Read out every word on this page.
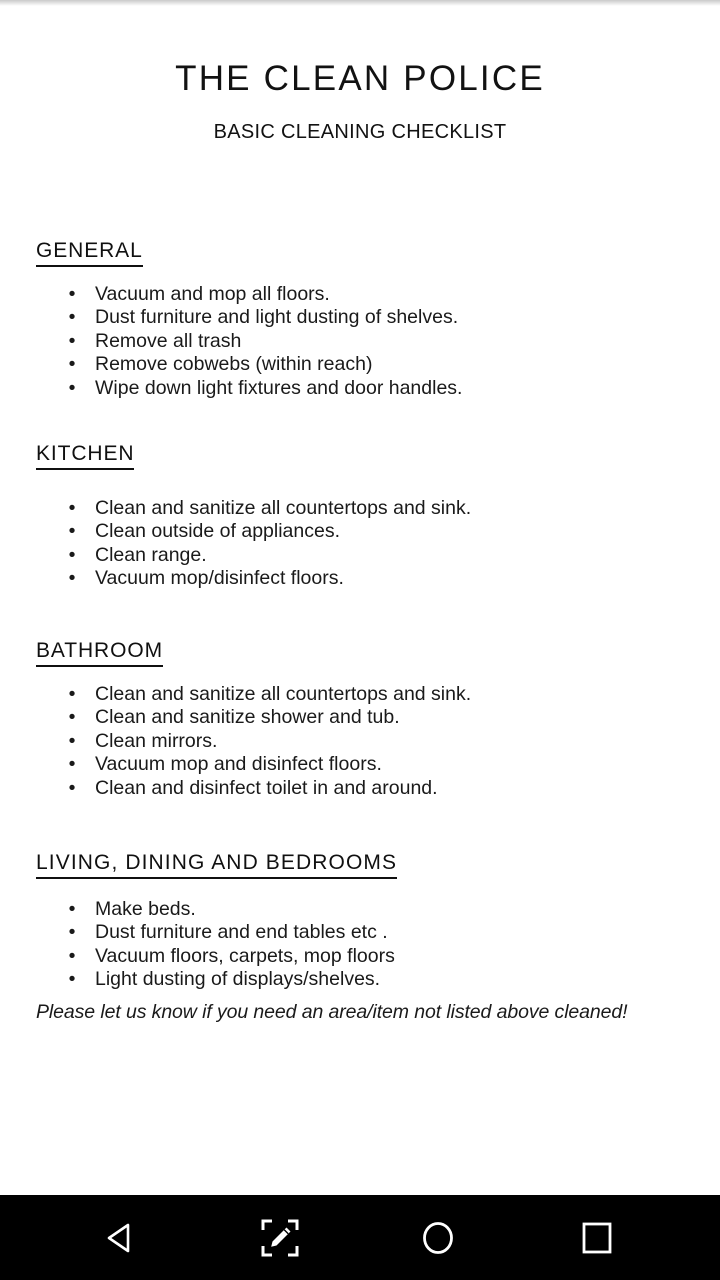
THE CLEAN POLICE
BASIC CLEANING CHECKLIST
GENERAL
• Vacuum and mop all floors.
• Dust furniture and light dusting of shelves.
• Remove all trash
• Remove cobwebs (within reach)
• Wipe down light fixtures and door handles.
KITCHEN
• Clean and sanitize all countertops and sink.
• Clean outside of appliances.
• Clean range.
• Vacuum mop/disinfect floors.
BATHROOM
• Clean and sanitize all countertops and sink.
• Clean and sanitize shower and tub.
• Clean mirrors.
• Vacuum mop and disinfect floors.
• Clean and disinfect toilet in and around.
LIVING, DINING AND BEDROOMS
• Make beds.
• Dust furniture and end tables etc .
• Vacuum floors, carpets, mop floors
• Light dusting of displays/shelves.
Please let us know if you need an area/item not listed above cleaned!
